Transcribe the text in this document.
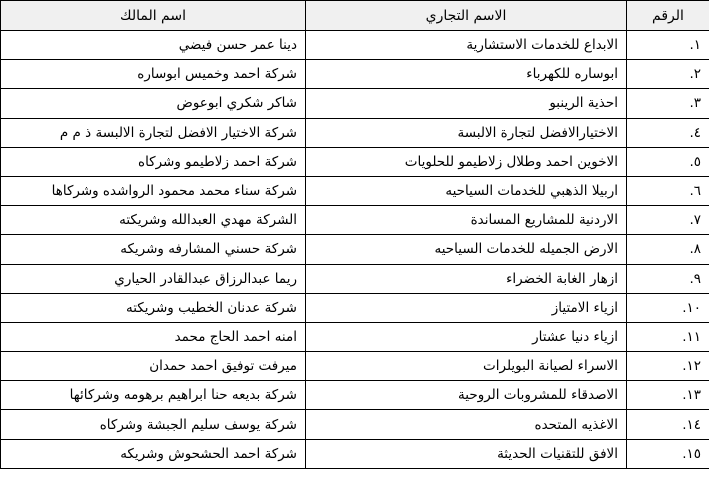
الرقم	الاسم التجاري	اسم المالك
١.	الابداع للخدمات الاستشارية	دينا عمر حسن فيضي
٢.	ابوساره للكهرباء	شركة احمد وخميس ابوساره
٣.	احذية الرينبو	شاكر شكري ابوعوض
٤.	الاختيارالافضل لتجارة الالبسة	شركة الاختيار الافضل لتجارة الالبسة ذ م م
٥.	الاخوين احمد وطلال زلاطيمو للحلويات	شركة احمد زلاطيمو وشركاه
٦.	اربيلا الذهبي للخدمات السياحيه	شركة سناء محمد محمود الرواشده وشركاها
٧.	الاردنية للمشاريع المساندة	الشركة مهدي العبدالله وشريكته
٨.	الارض الجميله للخدمات السياحيه	شركة حسني المشارفه وشريكه
٩.	ازهار الغابة الخضراء	ريما عبدالرزاق عبدالقادر الحياري
١٠.	ازياء الامتياز	شركة عدنان الخطيب وشريكته
١١.	ازياء دنيا عشتار	امنه احمد الحاج محمد
١٢.	الاسراء لصيانة البويلرات	ميرفت توفيق احمد حمدان
١٣.	الاصدقاء للمشروبات الروحية	شركة بديعه حنا ابراهيم برهومه وشركائها
١٤.	الاغذيه المتحده	شركة يوسف سليم الجبشة وشركاه
١٥.	الافق للتقنيات الحديثة	شركة احمد الحشحوش وشريكه
